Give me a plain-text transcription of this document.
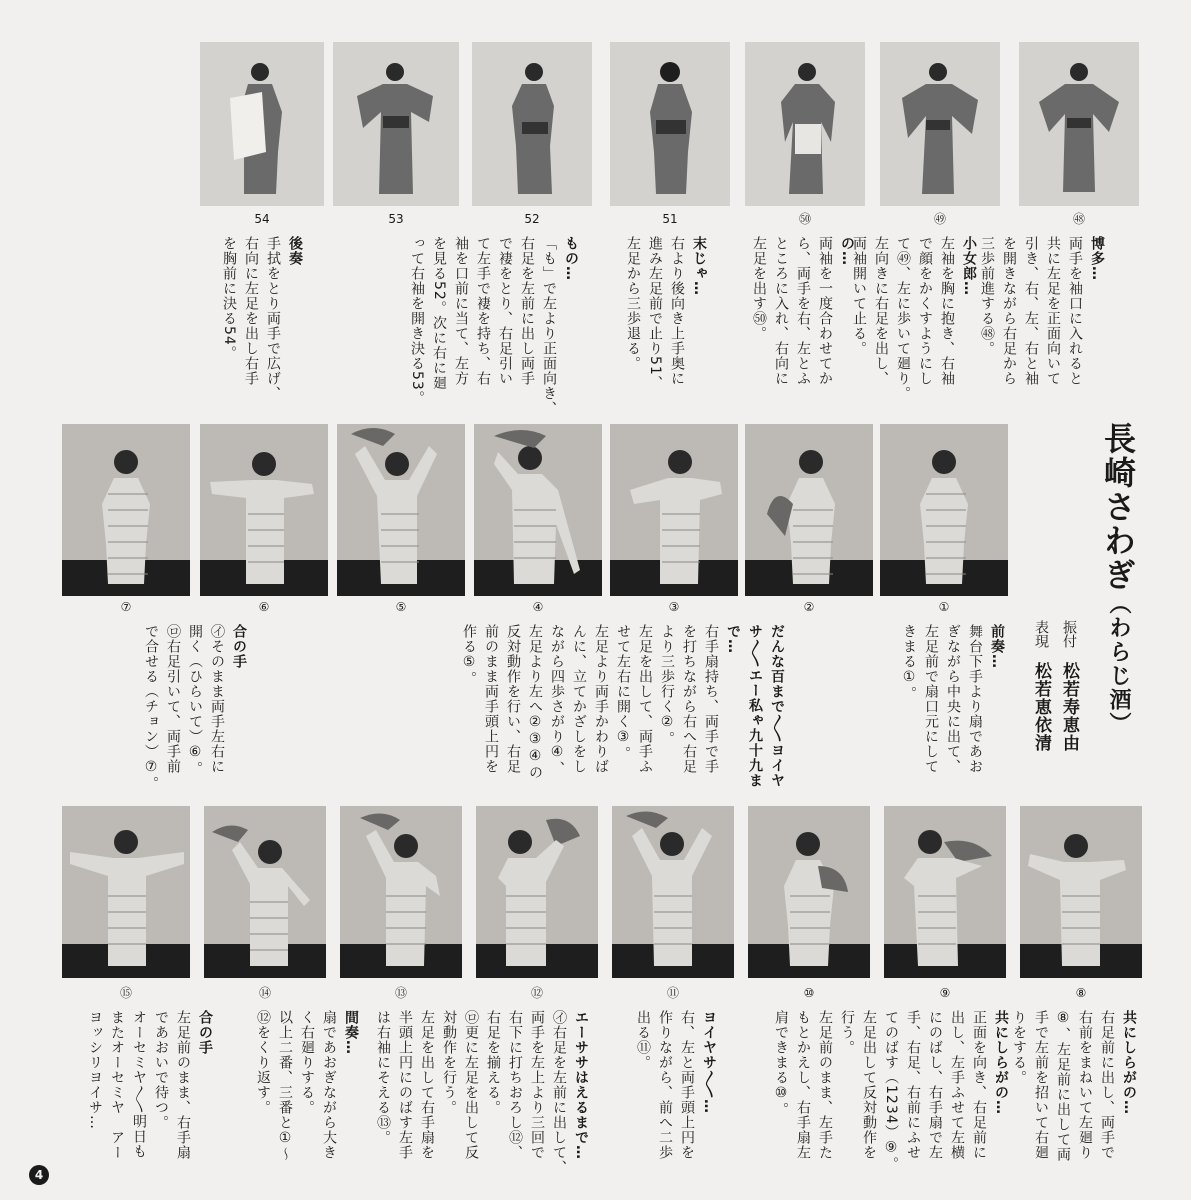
㊽
㊾
㊿
51
52
53
54
博多…
両手を袖口に入れると
共に左足を正面向いて
引き、右、左、右と袖
を開きながら右足から
三歩前進する㊽。
小女郎…
左袖を胸に抱き、右袖
で顔をかくすようにし
て㊾、左に歩いて廻り。
左向きに右足を出し、
両袖開いて止る。
の…
両袖を一度合わせてか
ら、両手を右、左とふ
ところに入れ、右向に
左足を出す㊿。
末じゃ…
右より後向き上手奥に
進み左足前で止り51、
左足から三歩退る。
もの…
「も」で左より正面向き、
右足を左前に出し両手
で褄をとり、右足引い
て左手で褄を持ち、右
袖を口前に当て、左方
を見る52。次に右に廻
って右袖を開き決る53。
後奏
手拭をとり両手で広げ、
右向に左足を出し右手
を胸前に決る54。
長崎さわぎ（わらじ酒）
振付　松若寿恵由
表現　松若恵依清
①
②
③
④
⑤
⑥
⑦
前奏…
舞台下手より扇であお
ぎながら中央に出て、
左足前で扇口元にして
きまる①。
だんな百まで〳〵ヨイヤサ〳〵エー私ゃ九十九まで…
右手扇持ち、両手で手
を打ちながら右へ右足
より三歩行く②。
左足を出して、両手ふ
せて左右に開く③。
左足より両手かわりば
んに、立てかざしをし
ながら四歩さがり④、
左足より左へ②③④の
反対動作を行い、右足
前のまま両手頭上円を
作る⑤。
合の手
㋑そのまま両手左右に
開く（ひらいて）⑥。
㋺右足引いて、両手前
で合せる（チョン）⑦。
⑧
⑨
⑩
⑪
⑫
⑬
⑭
⑮
共にしらがの…
右足前に出し、両手で
右前をまねいて左廻り
⑧、左足前に出して両
手で左前を招いて右廻
りをする。
共にしらがの…
正面を向き、右足前に
出し、左手ふせて左横
にのばし、右手扇で左
手、右足、右前にふせ
てのばす（1234）⑨。
左足出して反対動作を
行う。
左足前のまま、左手た
もとかえし、右手扇左
肩できまる⑩。
ヨイヤサ〳〵…
右、左と両手頭上円を
作りながら、前へ二歩
出る⑪。
エーササはえるまで…
㋑右足を左前に出して、
両手を左上より三回で
右下に打ちおろし⑫、
右足を揃える。
㋺更に左足を出して反
対動作を行う。
左足を出して右手扇を
半頭上円にのばす左手
は右袖にそえる⑬。
間奏…
扇であおぎながら大き
く右廻りする。
以上二番、三番と①～
⑫をくり返す。
合の手
左足前のまま、右手扇
であおいで待つ。
オーセミヤ〳〵明日も
またオーセミヤ　アー
ヨッシリヨイサ…
4
